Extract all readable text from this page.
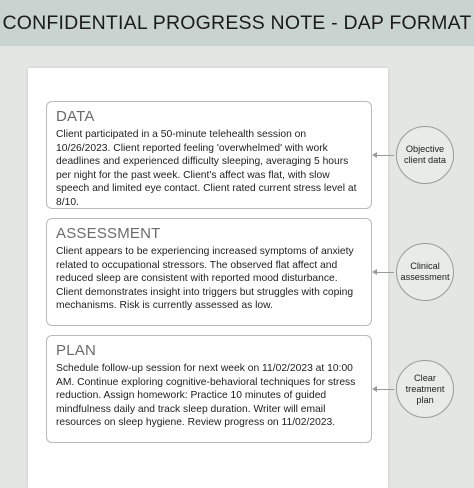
CONFIDENTIAL PROGRESS NOTE - DAP FORMAT
DATA

Client participated in a 50-minute telehealth session on 10/26/2023. Client reported feeling 'overwhelmed' with work deadlines and experienced difficulty sleeping, averaging 5 hours per night for the past week. Client's affect was flat, with slow speech and limited eye contact. Client rated current stress level at 8/10.

Objective client data
ASSESSMENT

Client appears to be experiencing increased symptoms of anxiety related to occupational stressors. The observed flat affect and reduced sleep are consistent with reported mood disturbance. Client demonstrates insight into triggers but struggles with coping mechanisms. Risk is currently assessed as low.

Clinical assessment
PLAN

Schedule follow-up session for next week on 11/02/2023 at 10:00 AM. Continue exploring cognitive-behavioral techniques for stress reduction. Assign homework: Practice 10 minutes of guided mindfulness daily and track sleep duration. Writer will email resources on sleep hygiene. Review progress on 11/02/2023.

Clear treatment plan
